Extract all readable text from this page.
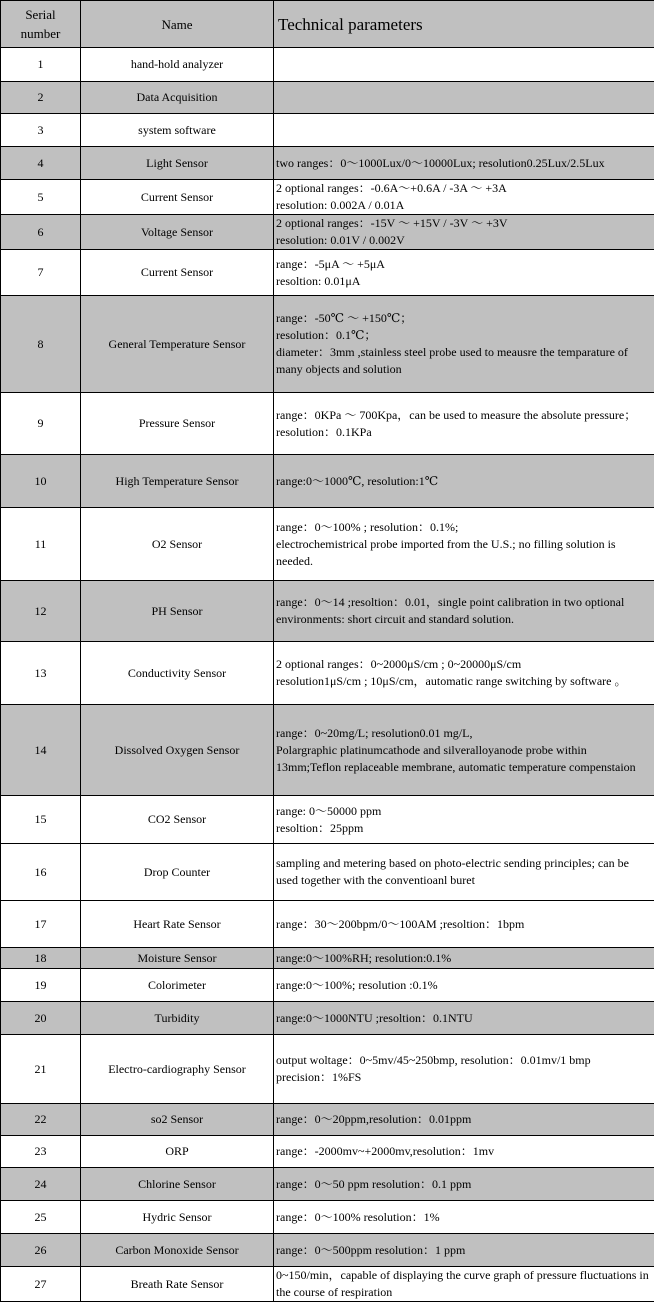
Serial
number	Name	Technical parameters
1	hand-hold analyzer	
2	Data Acquisition	
3	system software	
4	Light Sensor	two ranges：0～1000Lux/0～10000Lux; resolution0.25Lux/2.5Lux

5	Current Sensor	2 optional ranges：-0.6A～+0.6A / -3A ～ +3A
resolution: 0.002A / 0.01A

6	Voltage Sensor	2 optional ranges：-15V ～ +15V / -3V ～ +3V
resolution: 0.01V / 0.002V

7	Current Sensor	range：-5μA ～ +5μA
resoltion: 0.01μA

8	General Temperature Sensor	range：-50℃ ～ +150℃；
resolution：0.1℃；
diameter：3mm ,stainless steel probe used to meausre the temparature of many objects and solution

9	Pressure Sensor	range：0KPa ～ 700Kpa，can be used to measure the absolute pressure；
resolution：0.1KPa

10	High Temperature Sensor	range:0～1000℃, resolution:1℃

11	O2 Sensor	range：0～100% ; resolution：0.1%;
electrochemistrical probe imported from the U.S.; no filling solution is needed.

12	PH Sensor	range：0～14 ;resoltion：0.01，single point calibration in two optional environments: short circuit and standard solution.

13	Conductivity Sensor	2 optional ranges：0~2000μS/cm ; 0~20000μS/cm
resolution1μS/cm ; 10μS/cm，automatic range switching by software 。

14	Dissolved Oxygen Sensor	range：0~20mg/L; resolution0.01 mg/L,
Polargraphic platinumcathode and silveralloyanode probe within 13mm;Teflon replaceable membrane, automatic temperature compenstaion

15	CO2 Sensor	range: 0～50000 ppm
resoltion：25ppm

16	Drop Counter	sampling and metering based on photo-electric sending principles; can be used together with the conventioanl buret

17	Heart Rate Sensor	range：30～200bpm/0～100AM ;resoltion：1bpm

18	Moisture Sensor	range:0～100%RH; resolution:0.1%

19	Colorimeter	range:0～100%; resolution :0.1%

20	Turbidity	range:0～1000NTU ;resoltion：0.1NTU

21	Electro-cardiography Sensor	output woltage：0~5mv/45~250bmp, resolution：0.01mv/1 bmp
precision：1%FS

22	so2 Sensor	range：0～20ppm,resolution：0.01ppm

23	ORP	range：-2000mv~+2000mv,resolution：1mv

24	Chlorine Sensor	range：0～50 ppm resolution：0.1 ppm

25	Hydric Sensor	range：0～100% resolution：1%

26	Carbon Monoxide Sensor	range：0～500ppm resolution：1 ppm

27	Breath Rate Sensor	0~150/min，capable of displaying the curve graph of pressure fluctuations in the course of respiration
